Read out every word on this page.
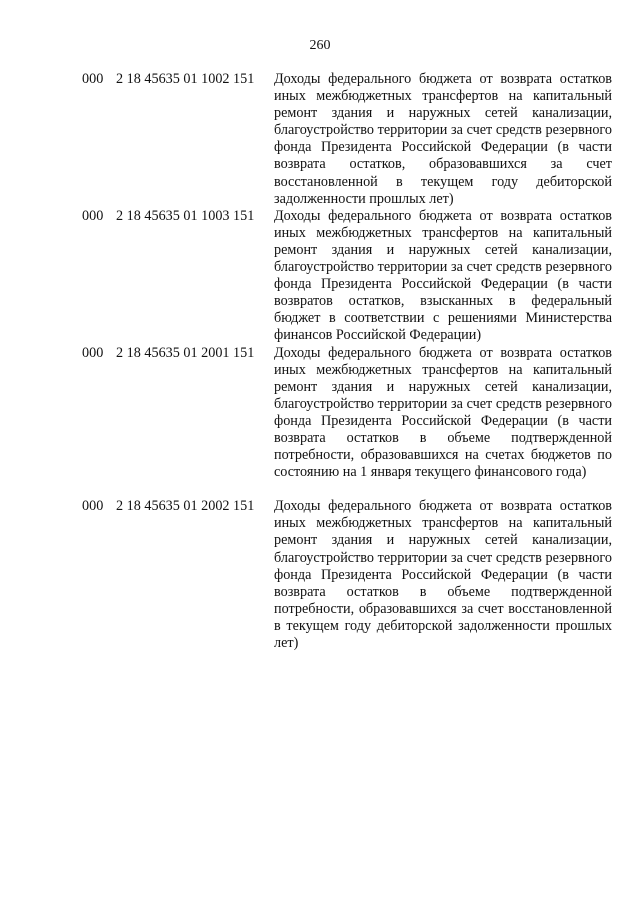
260
000 2 18 45635 01 1002 151	Доходы федерального бюджета от возврата остатков иных межбюджетных трансфертов на капитальный ремонт здания и наружных сетей канализации, благоустройство территории за счет средств резервного фонда Президента Российской Федерации (в части возврата остатков, образовавшихся за счет восстановленной в текущем году дебиторской задолженности прошлых лет)
000 2 18 45635 01 1003 151	Доходы федерального бюджета от возврата остатков иных межбюджетных трансфертов на капитальный ремонт здания и наружных сетей канализации, благоустройство территории за счет средств резервного фонда Президента Российской Федерации (в части возвратов остатков, взысканных в федеральный бюджет в соответствии с решениями Министерства финансов Российской Федерации)
000 2 18 45635 01 2001 151	Доходы федерального бюджета от возврата остатков иных межбюджетных трансфертов на капитальный ремонт здания и наружных сетей канализации, благоустройство территории за счет средств резервного фонда Президента Российской Федерации (в части возврата остатков в объеме подтвержденной потребности, образовавшихся на счетах бюджетов по состоянию на 1 января текущего финансового года)
000 2 18 45635 01 2002 151	Доходы федерального бюджета от возврата остатков иных межбюджетных трансфертов на капитальный ремонт здания и наружных сетей канализации, благоустройство территории за счет средств резервного фонда Президента Российской Федерации (в части возврата остатков в объеме подтвержденной потребности, образовавшихся за счет восстановленной в текущем году дебиторской задолженности прошлых лет)
